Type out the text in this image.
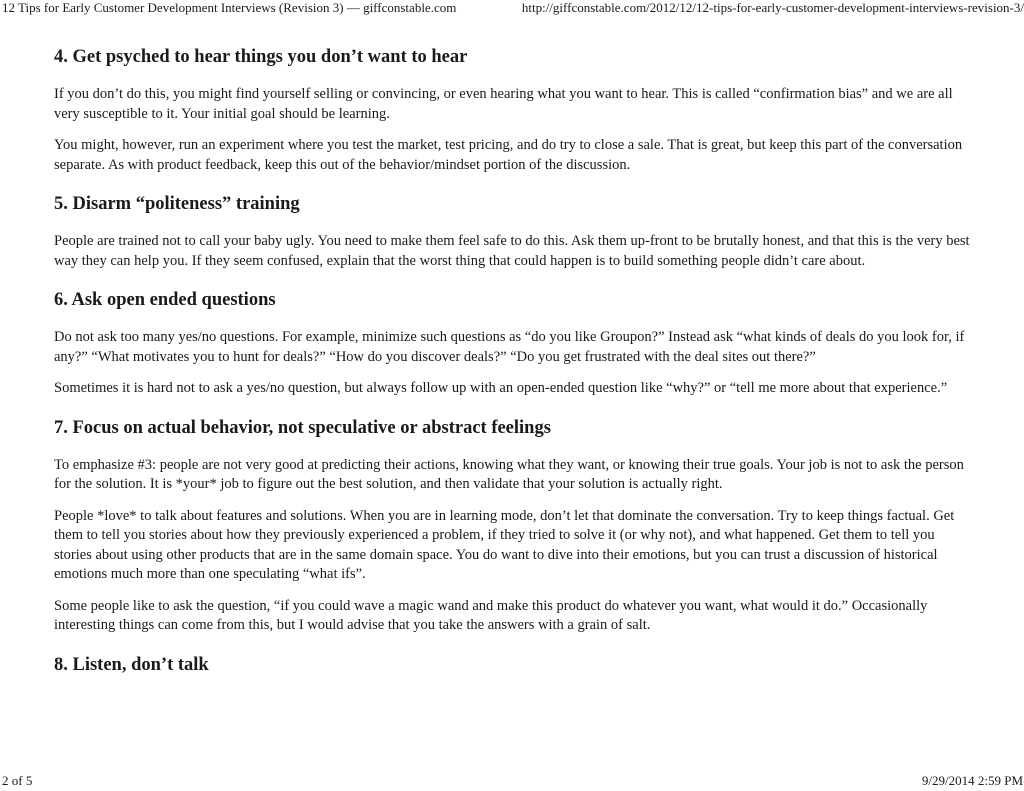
12 Tips for Early Customer Development Interviews (Revision 3) — giffconstable.com	http://giffconstable.com/2012/12/12-tips-for-early-customer-development-interviews-revision-3/
4. Get psyched to hear things you don’t want to hear

If you don’t do this, you might find yourself selling or convincing, or even hearing what you want to hear. This is called “confirmation bias” and we are all very susceptible to it. Your initial goal should be learning.

You might, however, run an experiment where you test the market, test pricing, and do try to close a sale. That is great, but keep this part of the conversation separate. As with product feedback, keep this out of the behavior/mindset portion of the discussion.

5. Disarm “politeness” training

People are trained not to call your baby ugly. You need to make them feel safe to do this. Ask them up-front to be brutally honest, and that this is the very best way they can help you. If they seem confused, explain that the worst thing that could happen is to build something people didn’t care about.

6. Ask open ended questions

Do not ask too many yes/no questions. For example, minimize such questions as “do you like Groupon?” Instead ask “what kinds of deals do you look for, if any?” “What motivates you to hunt for deals?” “How do you discover deals?” “Do you get frustrated with the deal sites out there?”

Sometimes it is hard not to ask a yes/no question, but always follow up with an open-ended question like “why?” or “tell me more about that experience.”

7. Focus on actual behavior, not speculative or abstract feelings

To emphasize #3: people are not very good at predicting their actions, knowing what they want, or knowing their true goals. Your job is not to ask the person for the solution. It is *your* job to figure out the best solution, and then validate that your solution is actually right.

People *love* to talk about features and solutions. When you are in learning mode, don’t let that dominate the conversation. Try to keep things factual. Get them to tell you stories about how they previously experienced a problem, if they tried to solve it (or why not), and what happened. Get them to tell you stories about using other products that are in the same domain space. You do want to dive into their emotions, but you can trust a discussion of historical emotions much more than one speculating “what ifs”.

Some people like to ask the question, “if you could wave a magic wand and make this product do whatever you want, what would it do.” Occasionally interesting things can come from this, but I would advise that you take the answers with a grain of salt.

8. Listen, don’t talk
2 of 5	9/29/2014 2:59 PM
